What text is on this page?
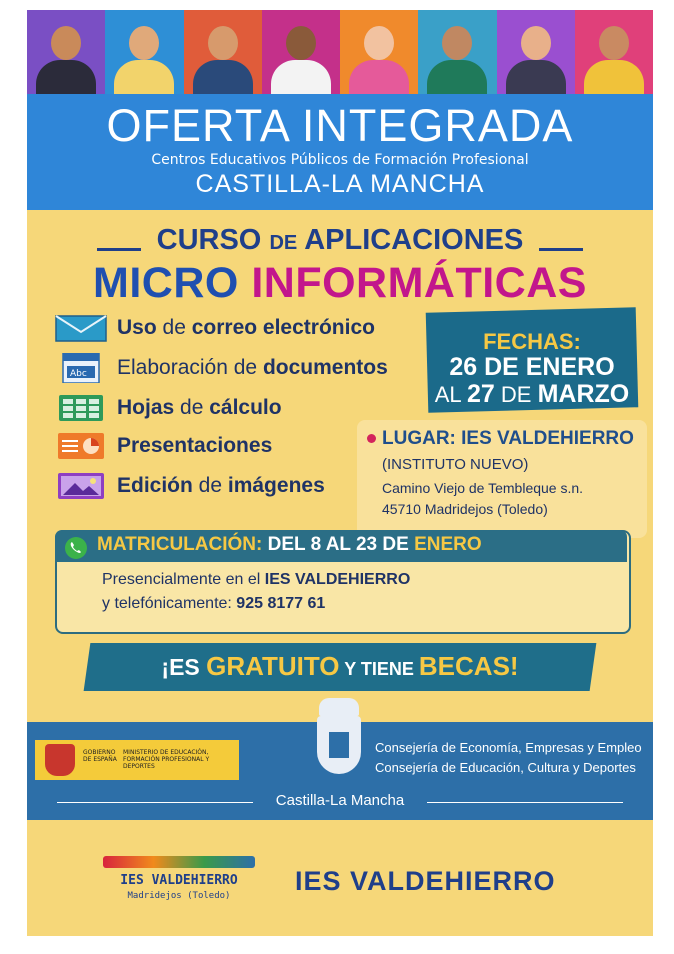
OFERTA INTEGRADA
Centros Educativos Públicos de Formación Profesional
CASTILLA-LA MANCHA
CURSO DE APLICACIONES
MICRO INFORMÁTICAS
Uso de correo electrónico
Abc Elaboración de documentos
Hojas de cálculo
Presentaciones
Edición de imágenes
FECHAS:
26 DE ENERO
AL 27 DE MARZO
LUGAR: IES VALDEHIERRO
(INSTITUTO NUEVO)
Camino Viejo de Tembleque s.n.
45710 Madridejos (Toledo)
MATRICULACIÓN: DEL 8 AL 23 DE ENERO
Presencialmente en el IES VALDEHIERRO
y telefónicamente: 925 8177 61
¡ES GRATUITO Y TIENE BECAS!
GOBIERNO DE ESPAÑA
MINISTERIO DE EDUCACIÓN, FORMACIÓN PROFESIONAL Y DEPORTES
Consejería de Economía, Empresas y Empleo
Consejería de Educación, Cultura y Deportes
Castilla-La Mancha
IES VALDEHIERRO
Madridejos (Toledo)	IES VALDEHIERRO
